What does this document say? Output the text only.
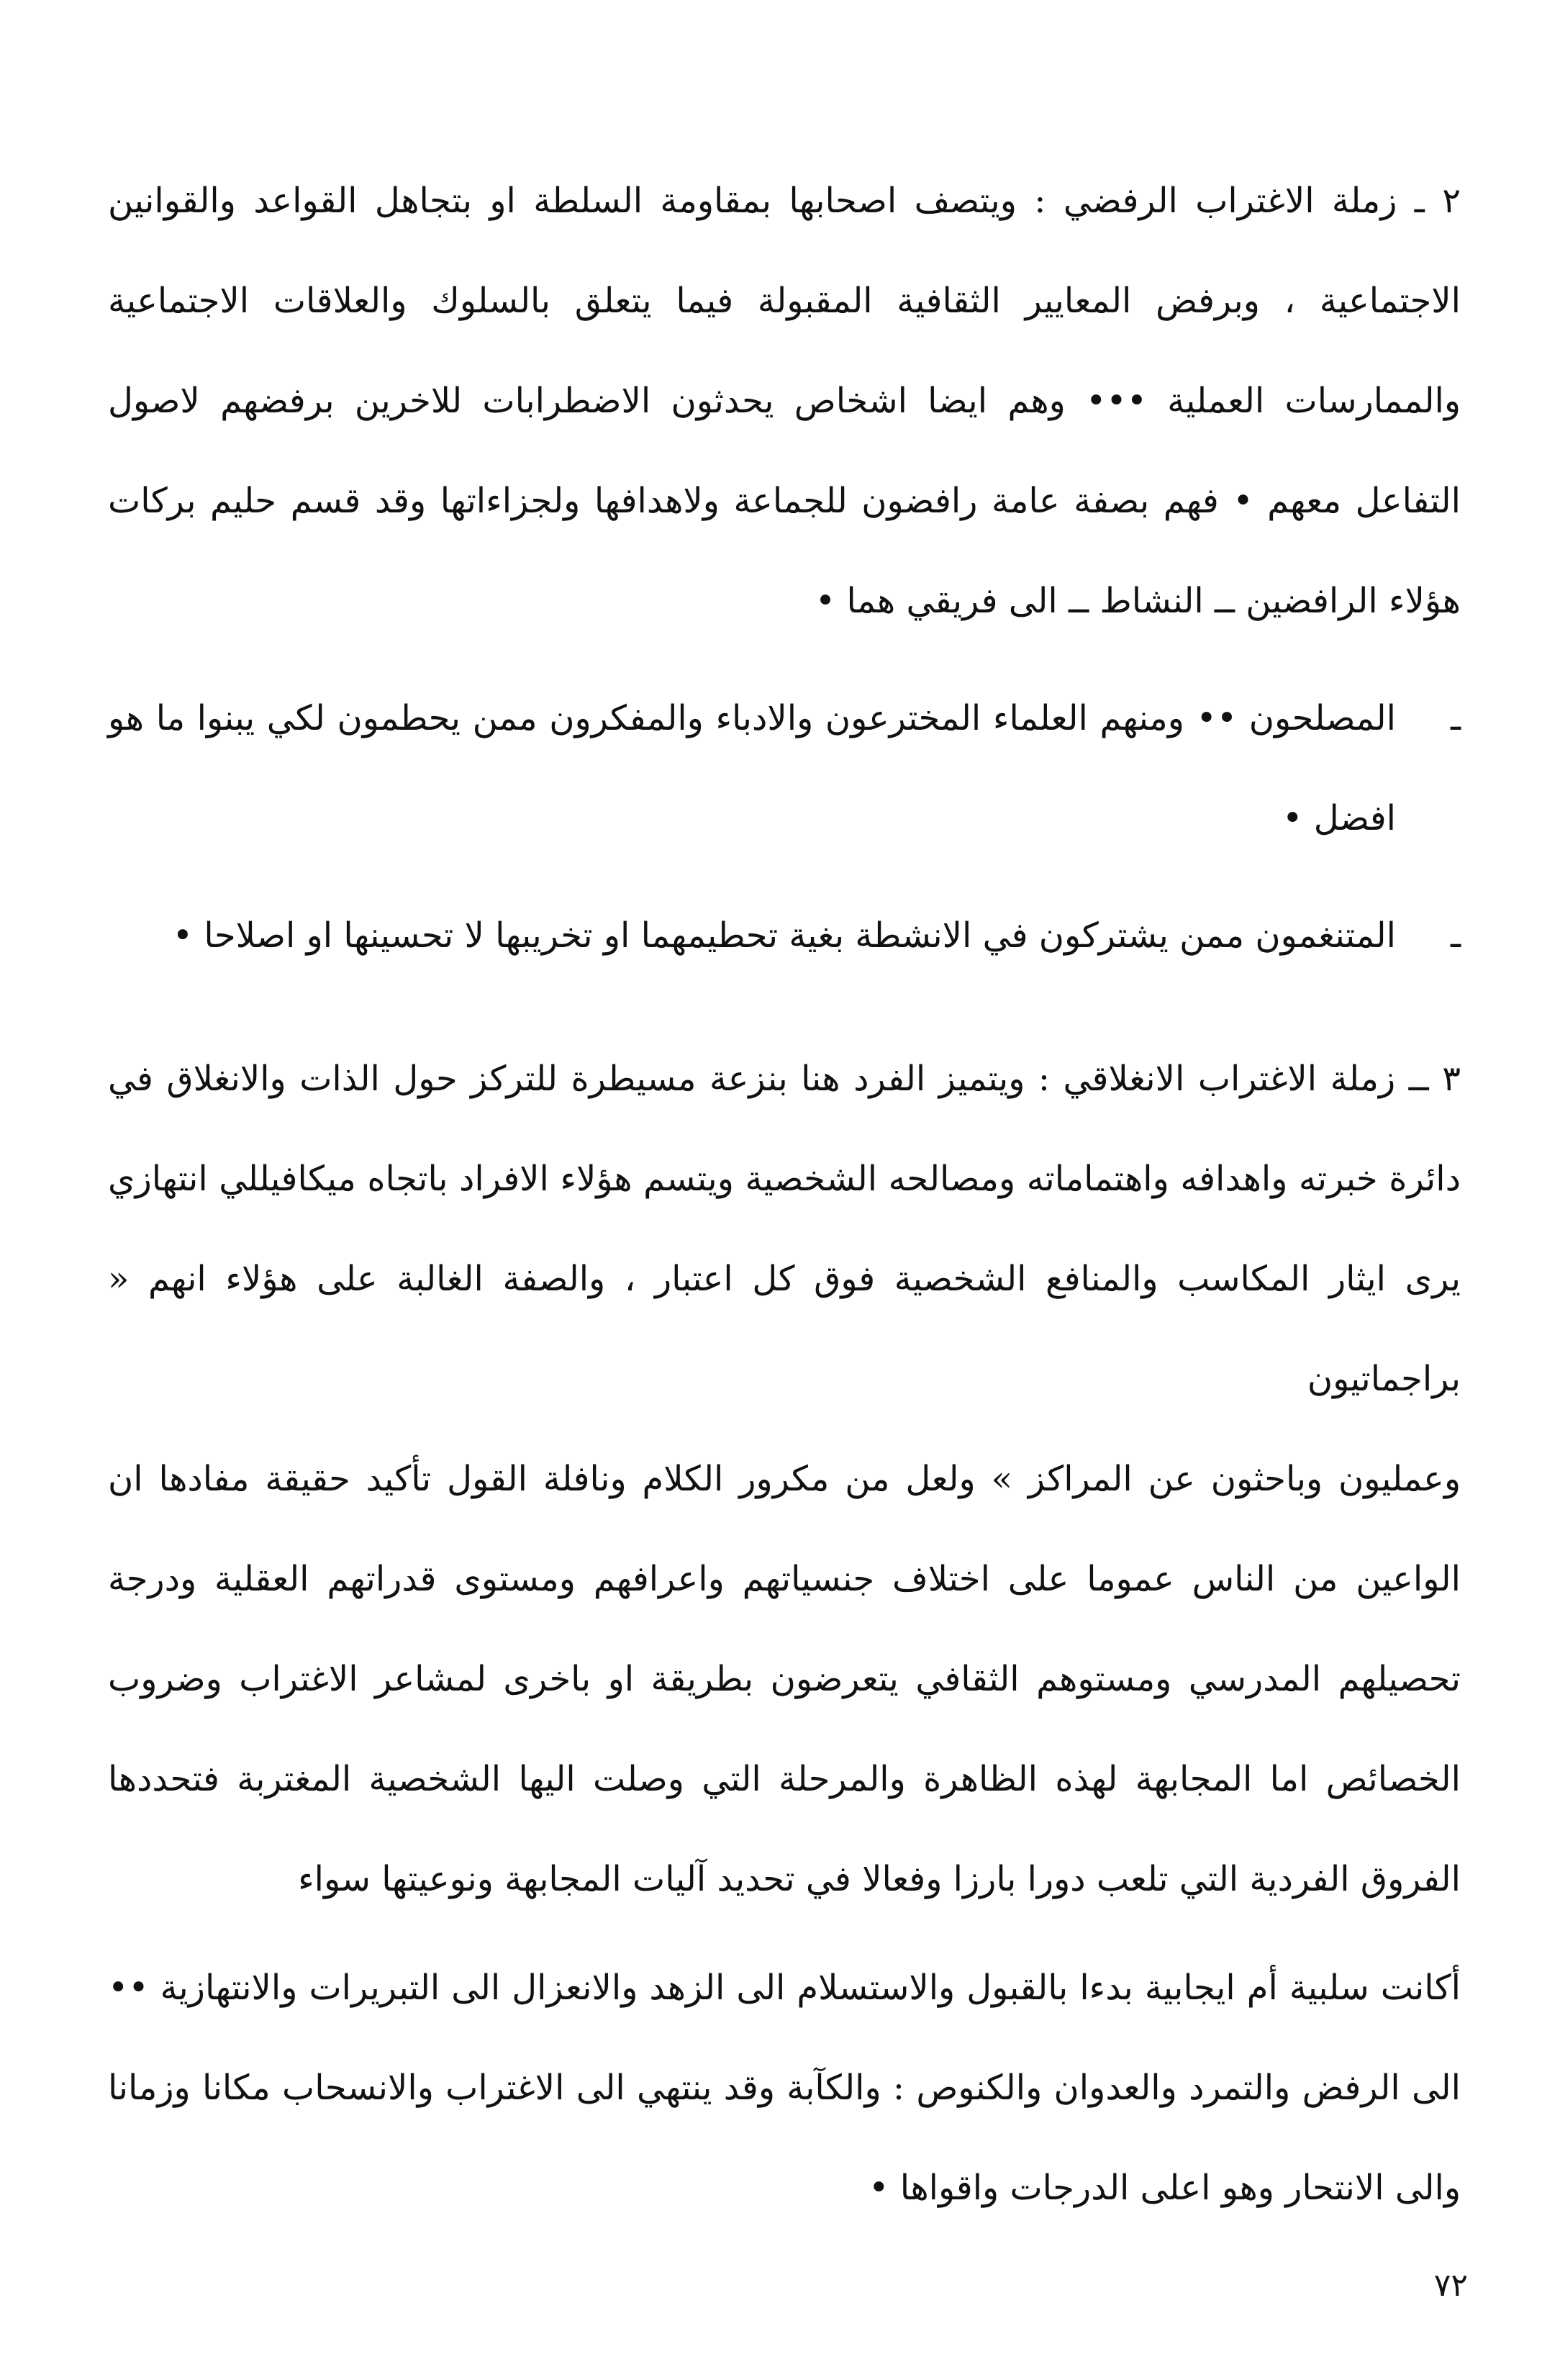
٢ ـ زملة الاغتراب الرفضي : ويتصف اصحابها بمقاومة السلطة او بتجاهل القواعد والقوانين الاجتماعية ، وبرفض المعايير الثقافية المقبولة فيما يتعلق بالسلوك والعلاقات الاجتماعية والممارسات العملية ••• وهم ايضا اشخاص يحدثون الاضطرابات للاخرين برفضهم لاصول التفاعل معهم • فهم بصفة عامة رافضون للجماعة ولاهدافها ولجزاءاتها وقد قسم حليم بركات هؤلاء الرافضين ــ النشاط ــ الى فريقي هما •

ـ

المصلحون •• ومنهم العلماء المخترعون والادباء والمفكرون ممن يحطمون لكي يبنوا ما هو افضل •

ـ

المتنغمون ممن يشتركون في الانشطة بغية تحطيمهما او تخريبها لا تحسينها او اصلاحا •

٣ ــ زملة الاغتراب الانغلاقي : ويتميز الفرد هنا بنزعة مسيطرة للتركز حول الذات والانغلاق في دائرة خبرته واهدافه واهتماماته ومصالحه الشخصية ويتسم هؤلاء الافراد باتجاه ميكافيللي انتهازي يرى ايثار المكاسب والمنافع الشخصية فوق كل اعتبار ، والصفة الغالبة على هؤلاء انهم « براجماتيون

وعمليون وباحثون عن المراكز » ولعل من مكرور الكلام ونافلة القول تأكيد حقيقة مفادها ان الواعين من الناس عموما على اختلاف جنسياتهم واعرافهم ومستوى قدراتهم العقلية ودرجة تحصيلهم المدرسي ومستوهم الثقافي يتعرضون بطريقة او باخرى لمشاعر الاغتراب وضروب الخصائص اما المجابهة لهذه الظاهرة والمرحلة التي وصلت اليها الشخصية المغتربة فتحددها الفروق الفردية التي تلعب دورا بارزا وفعالا في تحديد آليات المجابهة ونوعيتها سواء

أكانت سلبية أم ايجابية بدءا بالقبول والاستسلام الى الزهد والانعزال الى التبريرات والانتهازية •• الى الرفض والتمرد والعدوان والكنوص : والكآبة وقد ينتهي الى الاغتراب والانسحاب مكانا وزمانا والى الانتحار وهو اعلى الدرجات واقواها •

٧٢
